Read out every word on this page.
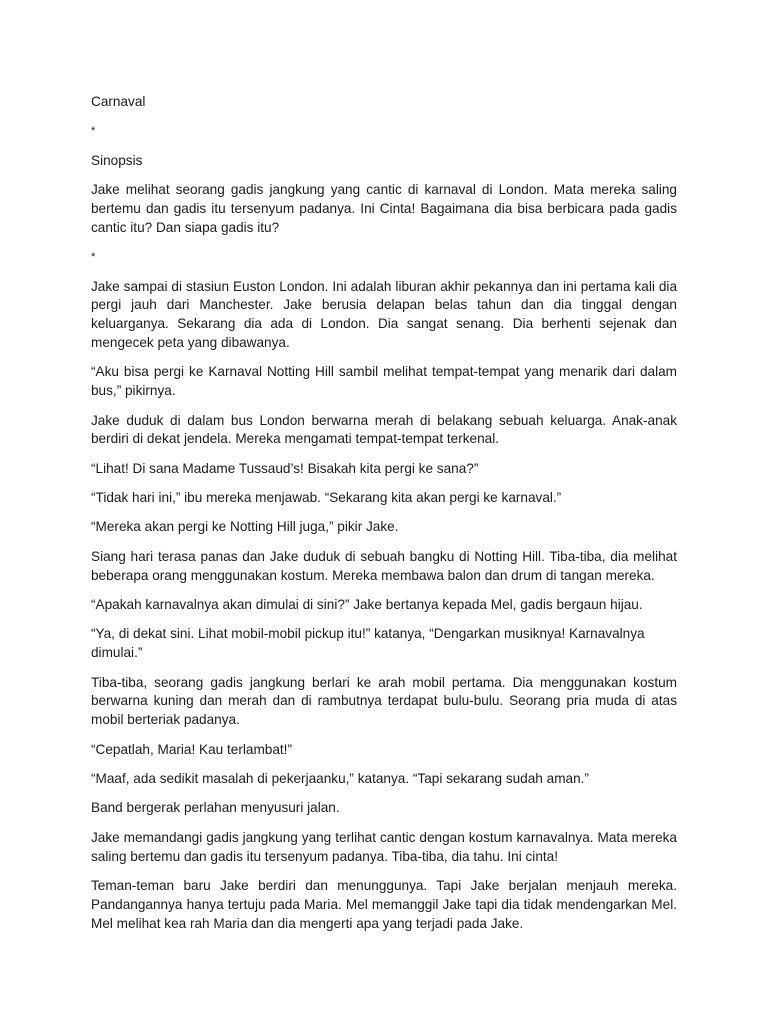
Carnaval

*

Sinopsis

Jake melihat seorang gadis jangkung yang cantic di karnaval di London. Mata mereka saling bertemu dan gadis itu tersenyum padanya. Ini Cinta! Bagaimana dia bisa berbicara pada gadis cantic itu? Dan siapa gadis itu?

*

Jake sampai di stasiun Euston London. Ini adalah liburan akhir pekannya dan ini pertama kali dia pergi jauh dari Manchester. Jake berusia delapan belas tahun dan dia tinggal dengan keluarganya. Sekarang dia ada di London. Dia sangat senang. Dia berhenti sejenak dan mengecek peta yang dibawanya.

“Aku bisa pergi ke Karnaval Notting Hill sambil melihat tempat-tempat yang menarik dari dalam bus,” pikirnya.

Jake duduk di dalam bus London berwarna merah di belakang sebuah keluarga. Anak-anak berdiri di dekat jendela. Mereka mengamati tempat-tempat terkenal.

“Lihat! Di sana Madame Tussaud’s! Bisakah kita pergi ke sana?”

“Tidak hari ini,” ibu mereka menjawab. “Sekarang kita akan pergi ke karnaval.”

“Mereka akan pergi ke Notting Hill juga,” pikir Jake.

Siang hari terasa panas dan Jake duduk di sebuah bangku di Notting Hill. Tiba-tiba, dia melihat beberapa orang menggunakan kostum. Mereka membawa balon dan drum di tangan mereka.

“Apakah karnavalnya akan dimulai di sini?” Jake bertanya kepada Mel, gadis bergaun hijau.

“Ya, di dekat sini. Lihat mobil-mobil pickup itu!” katanya, “Dengarkan musiknya! Karnavalnya dimulai.”

Tiba-tiba, seorang gadis jangkung berlari ke arah mobil pertama. Dia menggunakan kostum berwarna kuning dan merah dan di rambutnya terdapat bulu-bulu. Seorang pria muda di atas mobil berteriak padanya.

“Cepatlah, Maria! Kau terlambat!”

“Maaf, ada sedikit masalah di pekerjaanku,” katanya. “Tapi sekarang sudah aman.”

Band bergerak perlahan menyusuri jalan.

Jake memandangi gadis jangkung yang terlihat cantic dengan kostum karnavalnya. Mata mereka saling bertemu dan gadis itu tersenyum padanya. Tiba-tiba, dia tahu. Ini cinta!

Teman-teman baru Jake berdiri dan menunggunya. Tapi Jake berjalan menjauh mereka. Pandangannya hanya tertuju pada Maria. Mel memanggil Jake tapi dia tidak mendengarkan Mel. Mel melihat kea rah Maria dan dia mengerti apa yang terjadi pada Jake.
